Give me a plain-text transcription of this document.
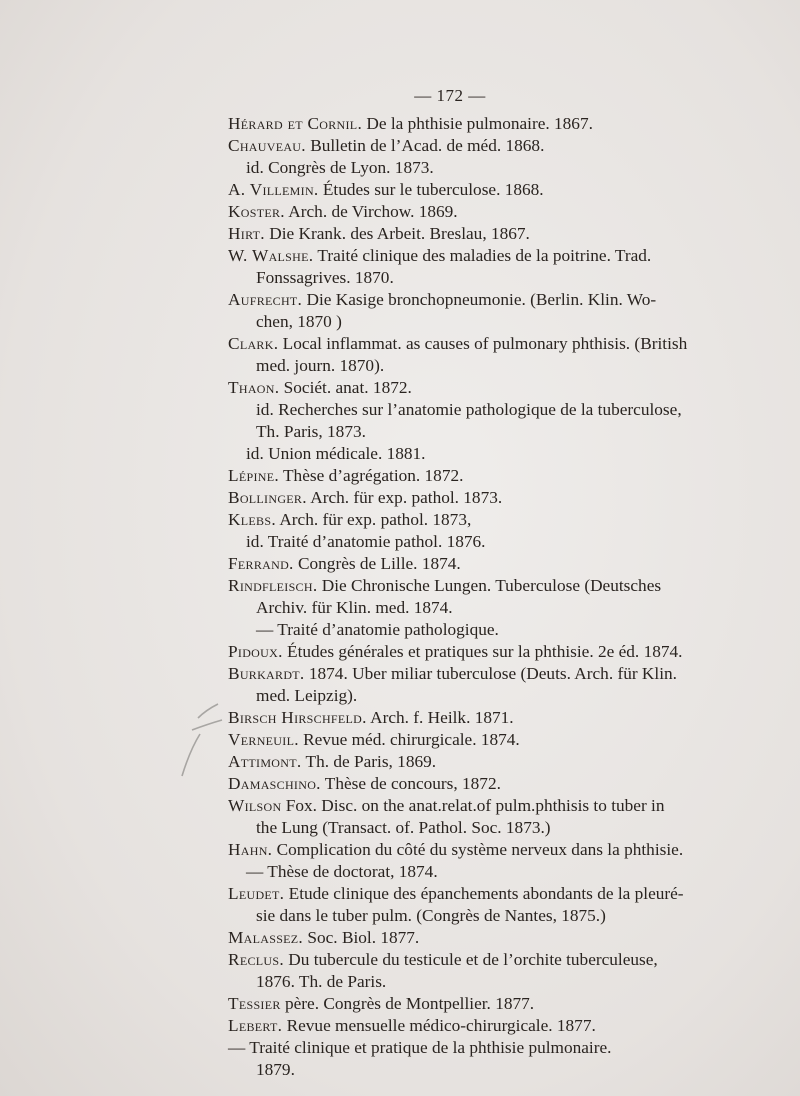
— 172 —
Hérard et Cornil. De la phthisie pulmonaire. 1867.
Chauveau. Bulletin de l’Acad. de méd. 1868.
id. Congrès de Lyon. 1873.
A. Villemin. Études sur le tuberculose. 1868.
Koster. Arch. de Virchow. 1869.
Hirt. Die Krank. des Arbeit. Breslau, 1867.
W. Walshe. Traité clinique des maladies de la poitrine. Trad.
Fonssagrives. 1870.
Aufrecht. Die Kasige bronchopneumonie. (Berlin. Klin. Wo-
chen, 1870 )
Clark. Local inflammat. as causes of pulmonary phthisis. (British
med. journ. 1870).
Thaon. Sociét. anat. 1872.
id. Recherches sur l’anatomie pathologique de la tuberculose,
Th. Paris, 1873.
id. Union médicale. 1881.
Lépine. Thèse d’agrégation. 1872.
Bollinger. Arch. für exp. pathol. 1873.
Klebs. Arch. für exp. pathol. 1873,
id. Traité d’anatomie pathol. 1876.
Ferrand. Congrès de Lille. 1874.
Rindfleisch. Die Chronische Lungen. Tuberculose (Deutsches
Archiv. für Klin. med. 1874.
— Traité d’anatomie pathologique.
Pidoux. Études générales et pratiques sur la phthisie. 2e éd. 1874.
Burkardt. 1874. Uber miliar tuberculose (Deuts. Arch. für Klin.
med. Leipzig).
Birsch Hirschfeld. Arch. f. Heilk. 1871.
Verneuil. Revue méd. chirurgicale. 1874.
Attimont. Th. de Paris, 1869.
Damaschino. Thèse de concours, 1872.
Wilson Fox. Disc. on the anat.relat.of pulm.phthisis to tuber in
the Lung (Transact. of. Pathol. Soc. 1873.)
Hahn. Complication du côté du système nerveux dans la phthisie.
— Thèse de doctorat, 1874.
Leudet. Etude clinique des épanchements abondants de la pleuré-
sie dans le tuber pulm. (Congrès de Nantes, 1875.)
Malassez. Soc. Biol. 1877.
Reclus. Du tubercule du testicule et de l’orchite tuberculeuse,
1876. Th. de Paris.
Tessier père. Congrès de Montpellier. 1877.
Lebert. Revue mensuelle médico-chirurgicale. 1877.
— Traité clinique et pratique de la phthisie pulmonaire.
1879.
